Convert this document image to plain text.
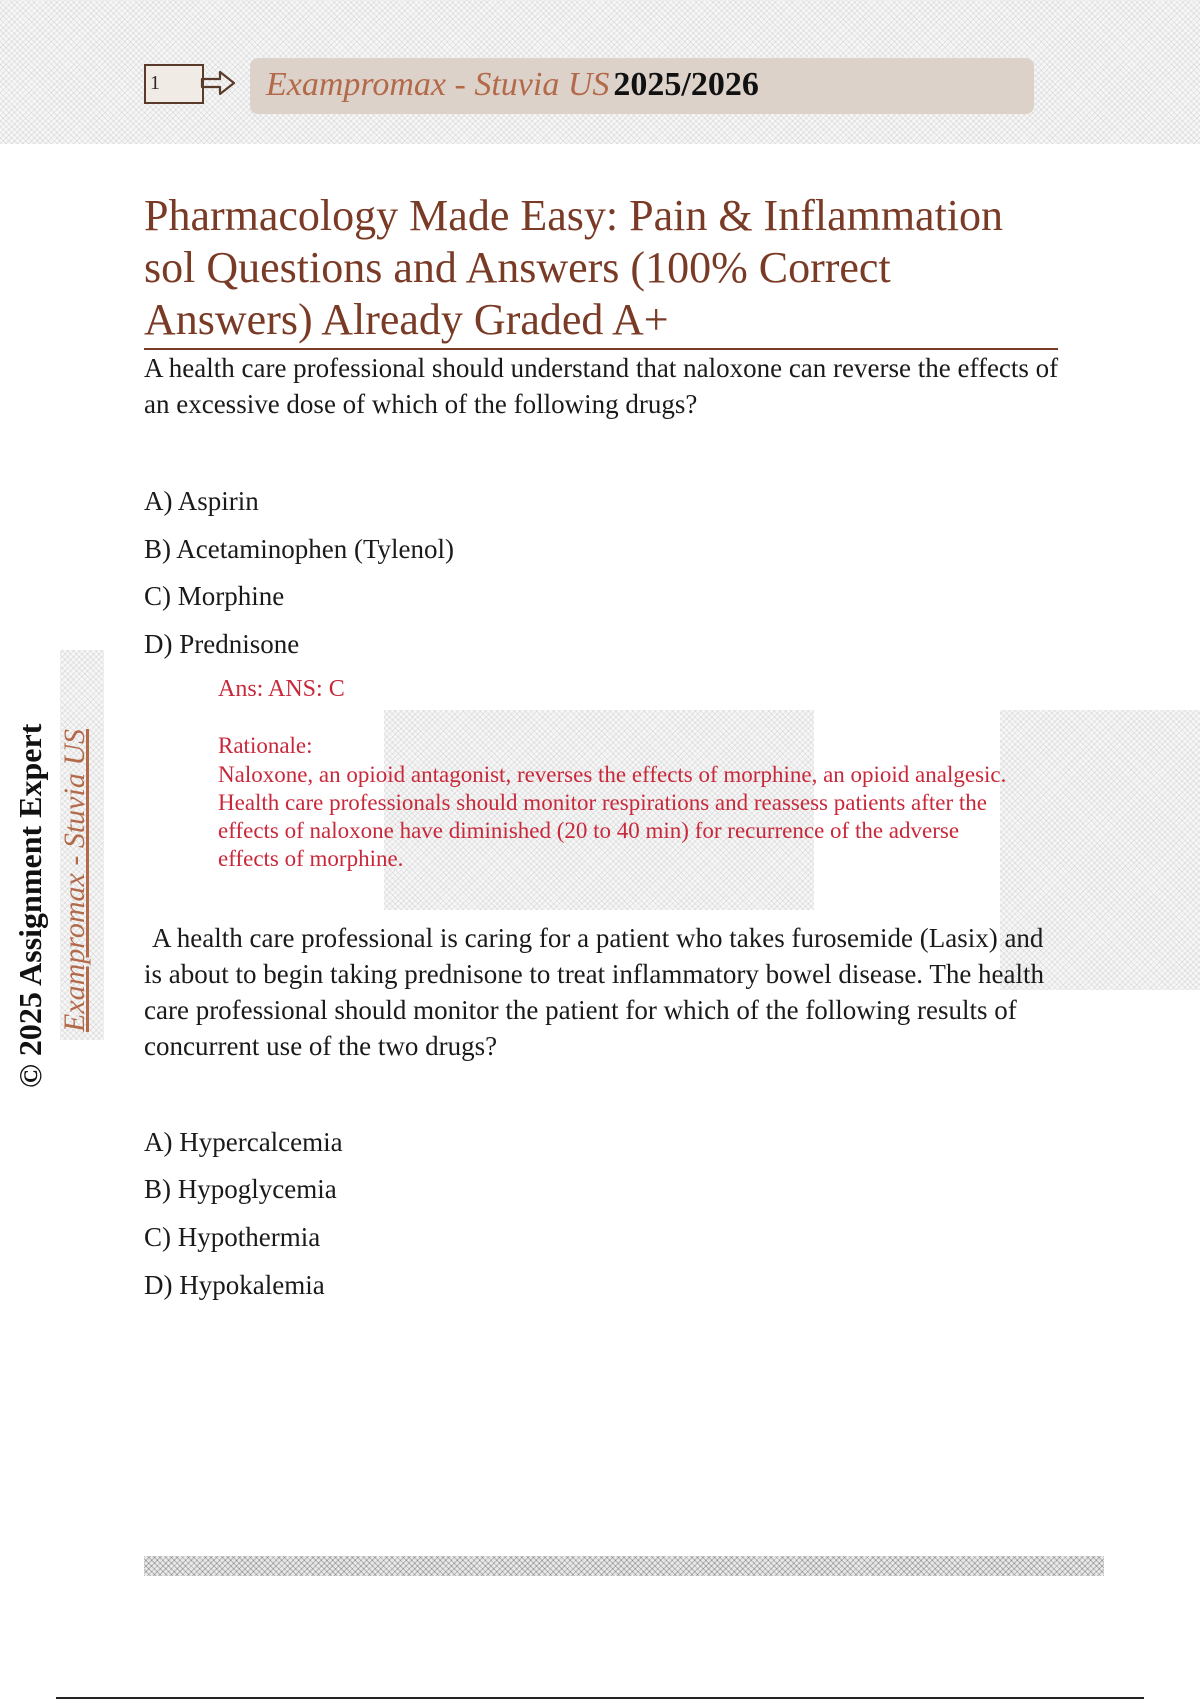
1	Exampromax - Stuvia US 2025/2026
© 2025 Assignment Expert Exampromax - Stuvia US
Pharmacology Made Easy: Pain & Inflammation sol Questions and Answers (100% Correct Answers) Already Graded A+
A health care professional should understand that naloxone can reverse the effects of an excessive dose of which of the following drugs?
A) Aspirin
B) Acetaminophen (Tylenol)
C) Morphine
D) Prednisone
Ans: ANS: C
Rationale:
Naloxone, an opioid antagonist, reverses the effects of morphine, an opioid analgesic. Health care professionals should monitor respirations and reassess patients after the effects of naloxone have diminished (20 to 40 min) for recurrence of the adverse effects of morphine.
A health care professional is caring for a patient who takes furosemide (Lasix) and is about to begin taking prednisone to treat inflammatory bowel disease. The health care professional should monitor the patient for which of the following results of concurrent use of the two drugs?
A) Hypercalcemia
B) Hypoglycemia
C) Hypothermia
D) Hypokalemia
